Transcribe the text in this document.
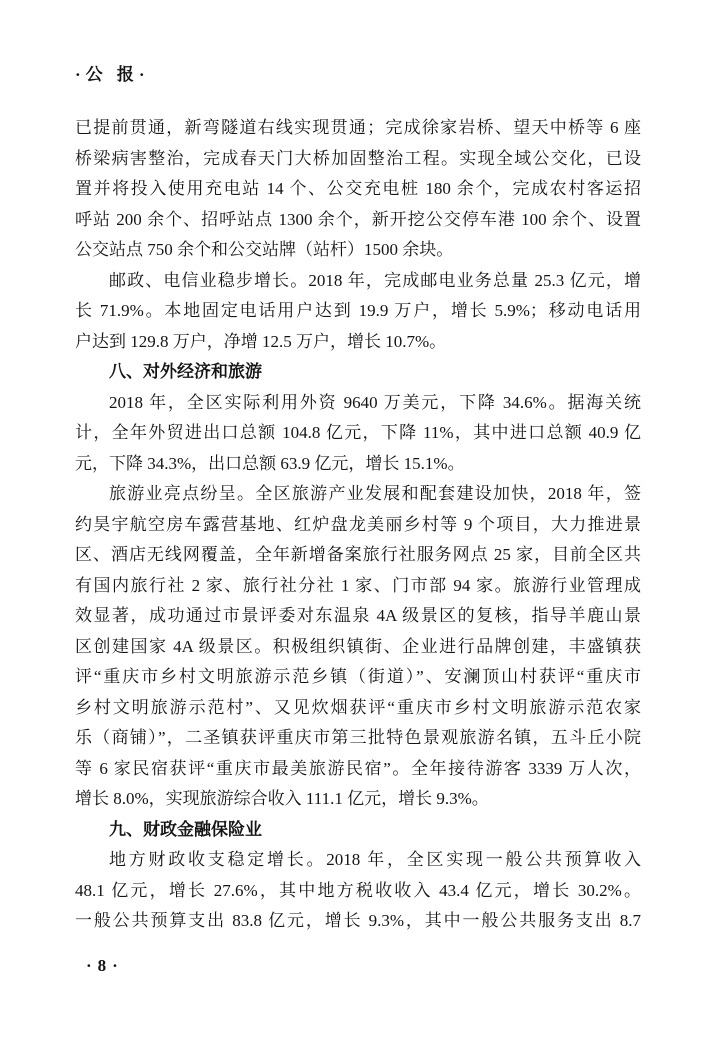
·公 报·
已提前贯通，新弯隧道右线实现贯通；完成徐家岩桥、望天中桥等 6 座
桥梁病害整治，完成春天门大桥加固整治工程。实现全域公交化，已设
置并将投入使用充电站 14 个、公交充电桩 180 余个，完成农村客运招
呼站 200 余个、招呼站点 1300 余个，新开挖公交停车港 100 余个、设置
公交站点 750 余个和公交站牌（站杆）1500 余块。
邮政、电信业稳步增长。2018 年，完成邮电业务总量 25.3 亿元，增
长 71.9%。本地固定电话用户达到 19.9 万户，增长 5.9%；移动电话用
户达到 129.8 万户，净增 12.5 万户，增长 10.7%。
八、对外经济和旅游
2018 年，全区实际利用外资 9640 万美元，下降 34.6%。据海关统
计，全年外贸进出口总额 104.8 亿元，下降 11%，其中进口总额 40.9 亿
元，下降 34.3%，出口总额 63.9 亿元，增长 15.1%。
旅游业亮点纷呈。全区旅游产业发展和配套建设加快，2018 年，签
约昊宇航空房车露营基地、红炉盘龙美丽乡村等 9 个项目，大力推进景
区、酒店无线网覆盖，全年新增备案旅行社服务网点 25 家，目前全区共
有国内旅行社 2 家、旅行社分社 1 家、门市部 94 家。旅游行业管理成
效显著，成功通过市景评委对东温泉 4A 级景区的复核，指导羊鹿山景
区创建国家 4A 级景区。积极组织镇街、企业进行品牌创建，丰盛镇获
评“重庆市乡村文明旅游示范乡镇（街道）”、安澜顶山村获评“重庆市
乡村文明旅游示范村”、又见炊烟获评“重庆市乡村文明旅游示范农家
乐（商铺）”，二圣镇获评重庆市第三批特色景观旅游名镇，五斗丘小院
等 6 家民宿获评“重庆市最美旅游民宿”。全年接待游客 3339 万人次，
增长 8.0%，实现旅游综合收入 111.1 亿元，增长 9.3%。
九、财政金融保险业
地方财政收支稳定增长。2018 年，全区实现一般公共预算收入
48.1 亿元，增长 27.6%，其中地方税收收入 43.4 亿元，增长 30.2%。
一般公共预算支出 83.8 亿元，增长 9.3%，其中一般公共服务支出 8.7
·8·
